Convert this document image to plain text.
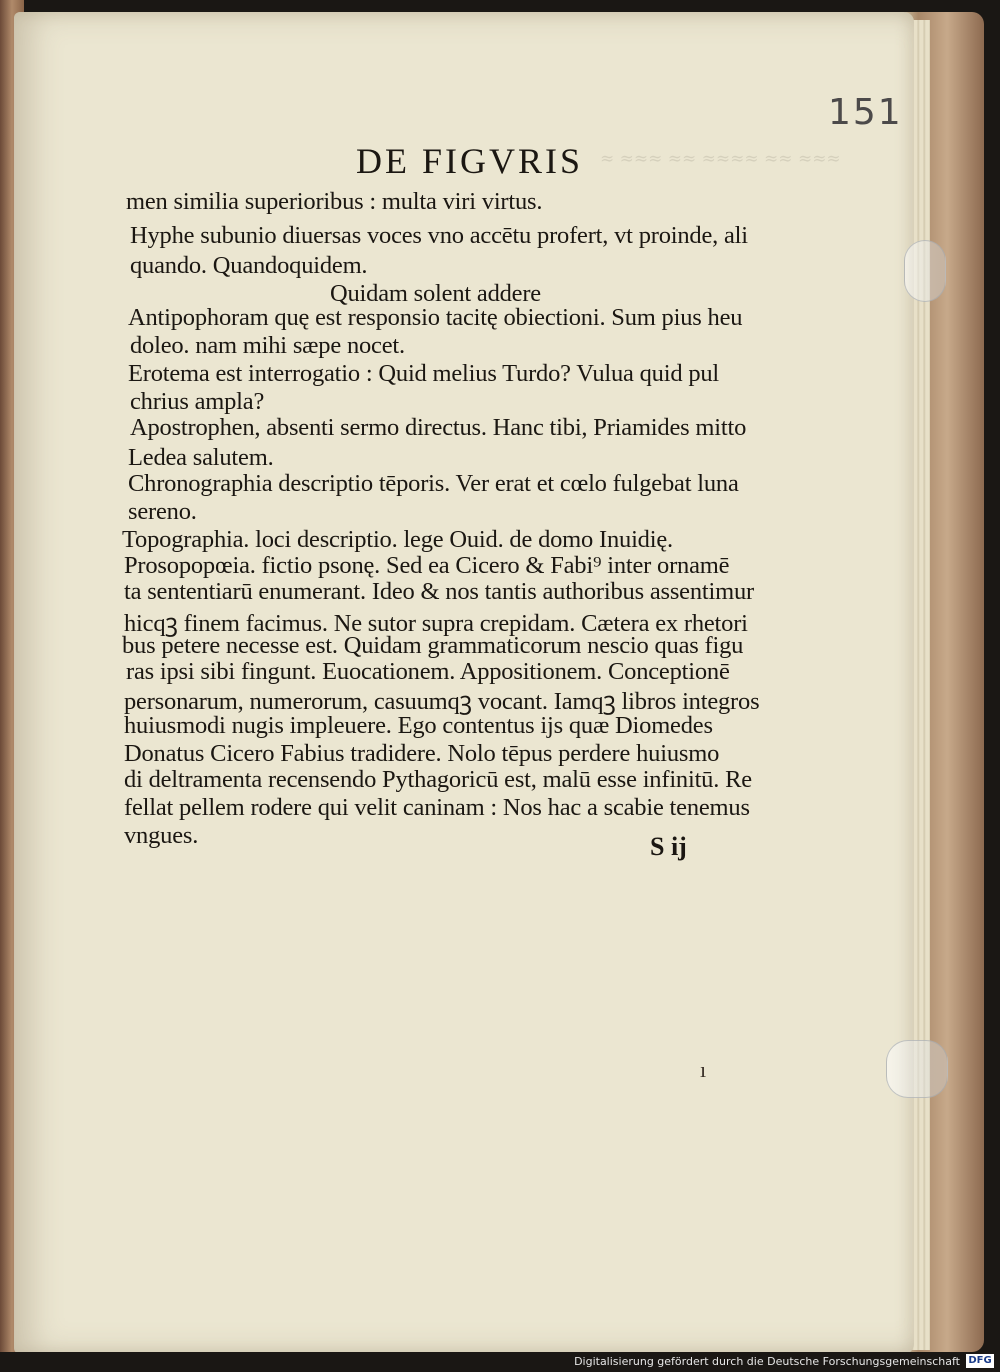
≈ ≈≈≈ ≈≈ ≈≈≈≈ ≈≈ ≈≈≈
151
DE FIGVRIS
men similia superioribus : multa viri virtus.
Hyphe subunio diuersas voces vno accētu profert, vt proinde, ali
quando. Quandoquidem.
Quidam solent addere
Antipophoram quę est responsio tacitę obiectioni. Sum pius heu
doleo. nam mihi sæpe nocet.
Erotema est interrogatio : Quid melius Turdo? Vulua quid pul
chrius ampla?
Apostrophen, absenti sermo directus. Hanc tibi, Priamides mitto
Ledea salutem.
Chronographia descriptio tēporis. Ver erat et cœlo fulgebat luna
sereno.
Topographia. loci descriptio. lege Ouid. de domo Inuidię.
Prosopopœia. fictio psonę. Sed ea Cicero & Fabi⁹ inter ornamē
ta sententiarū enumerant. Ideo & nos tantis authoribus assentimur
hicqꝫ finem facimus. Ne sutor supra crepidam. Cætera ex rhetori
bus petere necesse est. Quidam grammaticorum nescio quas figu
ras ipsi sibi fingunt. Euocationem. Appositionem. Conceptionē
personarum, numerorum, casuumqꝫ vocant. Iamqꝫ libros integros
huiusmodi nugis impleuere. Ego contentus ijs quæ Diomedes
Donatus Cicero Fabius tradidere. Nolo tēpus perdere huiusmo
di deltramenta recensendo Pythagoricū est, malū esse infinitū. Re
fellat pellem rodere qui velit caninam : Nos hac a scabie tenemus
vngues.	S ij
ı
Digitalisierung gefördert durch die Deutsche Forschungsgemeinschaft DFG
